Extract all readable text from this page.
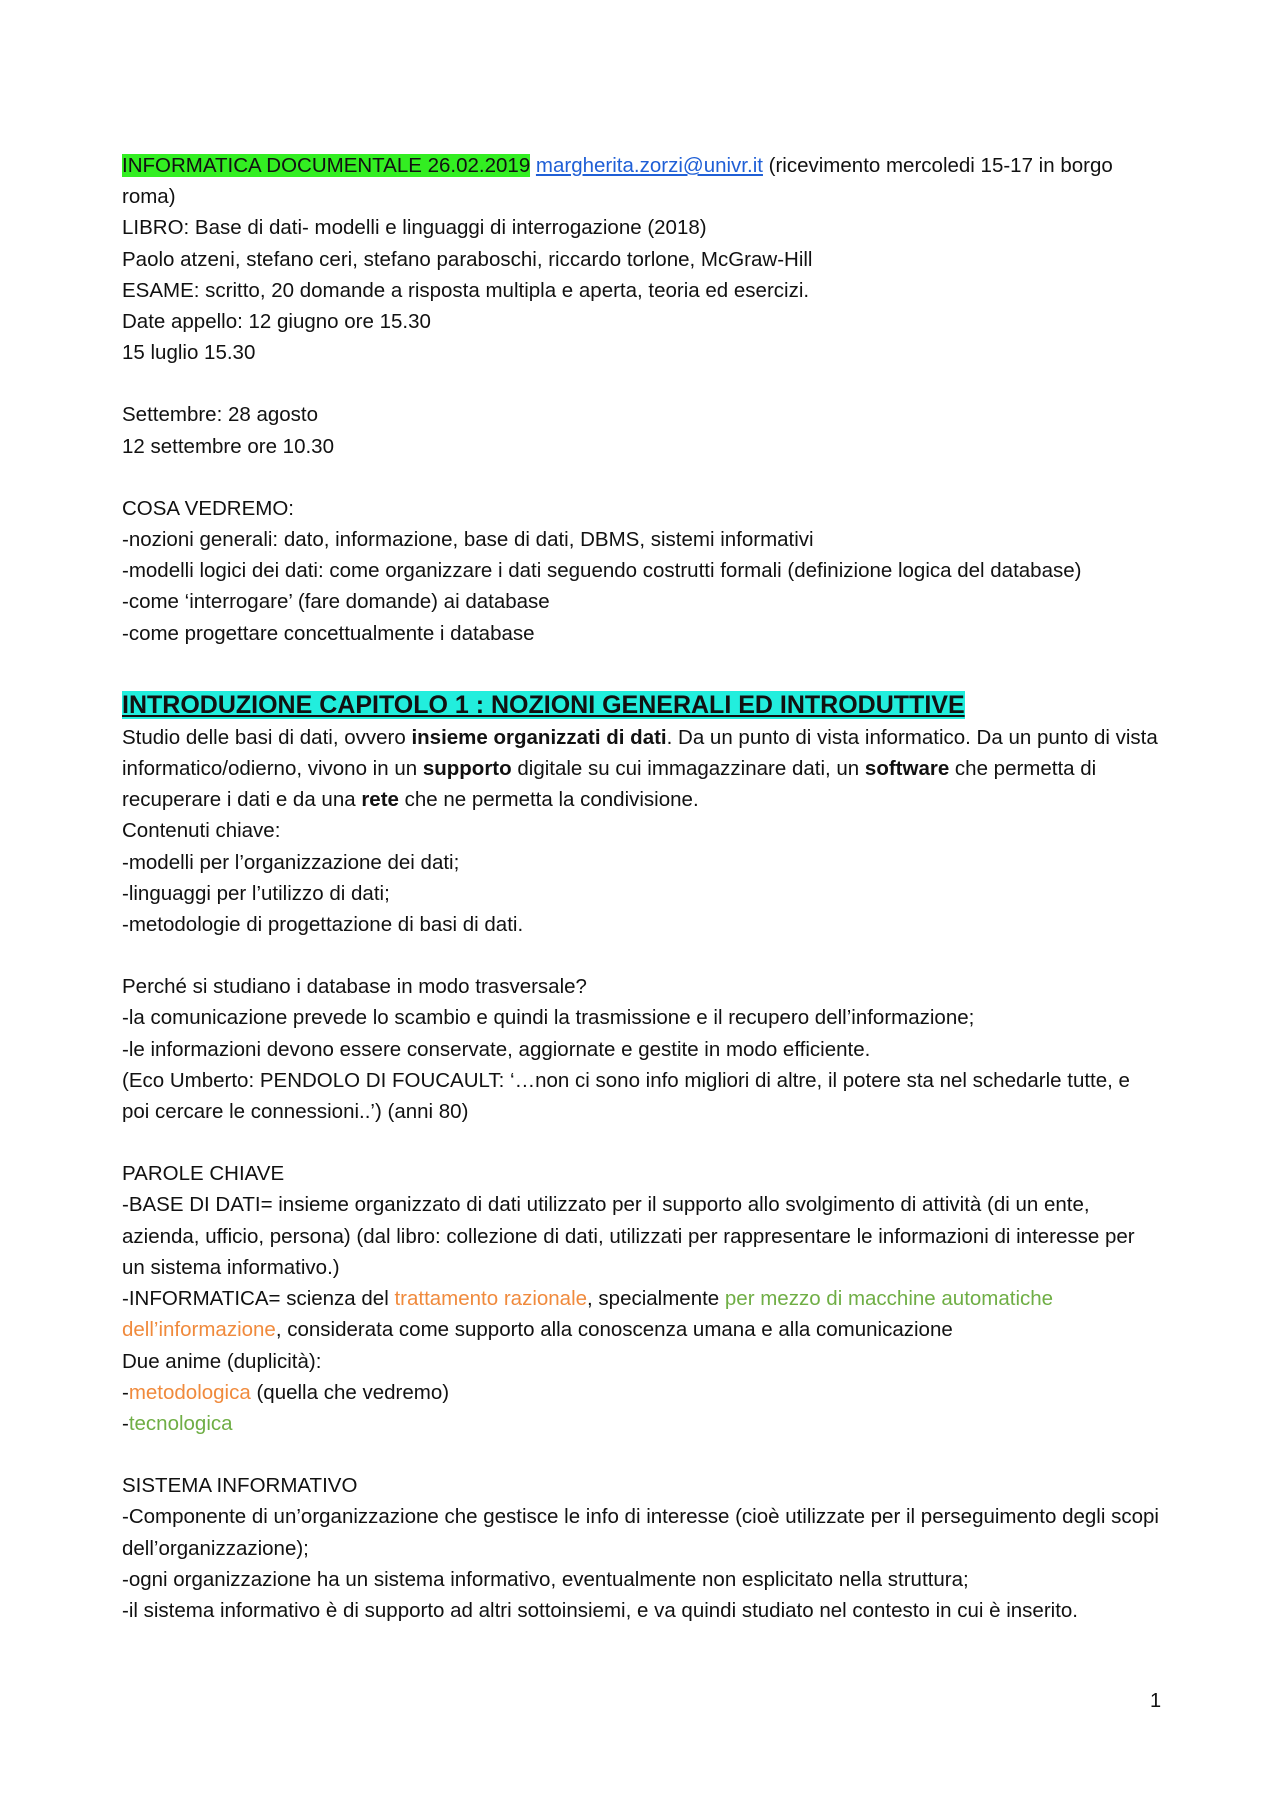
INFORMATICA DOCUMENTALE 26.02.2019 margherita.zorzi@univr.it (ricevimento mercoledi 15-17 in borgo roma)

LIBRO: Base di dati- modelli e linguaggi di interrogazione (2018)

Paolo atzeni, stefano ceri, stefano paraboschi, riccardo torlone, McGraw-Hill

ESAME: scritto, 20 domande a risposta multipla e aperta, teoria ed esercizi.

Date appello: 12 giugno ore 15.30

15 luglio 15.30

Settembre: 28 agosto

12 settembre ore 10.30

COSA VEDREMO:

-nozioni generali: dato, informazione, base di dati, DBMS, sistemi informativi

-modelli logici dei dati: come organizzare i dati seguendo costrutti formali (definizione logica del database)

-come ‘interrogare’ (fare domande) ai database

-come progettare concettualmente i database

INTRODUZIONE CAPITOLO 1 : NOZIONI GENERALI ED INTRODUTTIVE

Studio delle basi di dati, ovvero insieme organizzati di dati. Da un punto di vista informatico. Da un punto di vista informatico/odierno, vivono in un supporto digitale su cui immagazzinare dati, un software che permetta di recuperare i dati e da una rete che ne permetta la condivisione.

Contenuti chiave:

-modelli per l’organizzazione dei dati;

-linguaggi per l’utilizzo di dati;

-metodologie di progettazione di basi di dati.

Perché si studiano i database in modo trasversale?

-la comunicazione prevede lo scambio e quindi la trasmissione e il recupero dell’informazione;

-le informazioni devono essere conservate, aggiornate e gestite in modo efficiente.

(Eco Umberto: PENDOLO DI FOUCAULT: ‘…non ci sono info migliori di altre, il potere sta nel schedarle tutte, e poi cercare le connessioni..’) (anni 80)

PAROLE CHIAVE

-BASE DI DATI= insieme organizzato di dati utilizzato per il supporto allo svolgimento di attività (di un ente, azienda, ufficio, persona) (dal libro: collezione di dati, utilizzati per rappresentare le informazioni di interesse per un sistema informativo.)

-INFORMATICA= scienza del trattamento razionale, specialmente per mezzo di macchine automatiche dell’informazione, considerata come supporto alla conoscenza umana e alla comunicazione

Due anime (duplicità):

-metodologica (quella che vedremo)

-tecnologica

SISTEMA INFORMATIVO

-Componente di un’organizzazione che gestisce le info di interesse (cioè utilizzate per il perseguimento degli scopi dell’organizzazione);

-ogni organizzazione ha un sistema informativo, eventualmente non esplicitato nella struttura;

-il sistema informativo è di supporto ad altri sottoinsiemi, e va quindi studiato nel contesto in cui è inserito.

1
